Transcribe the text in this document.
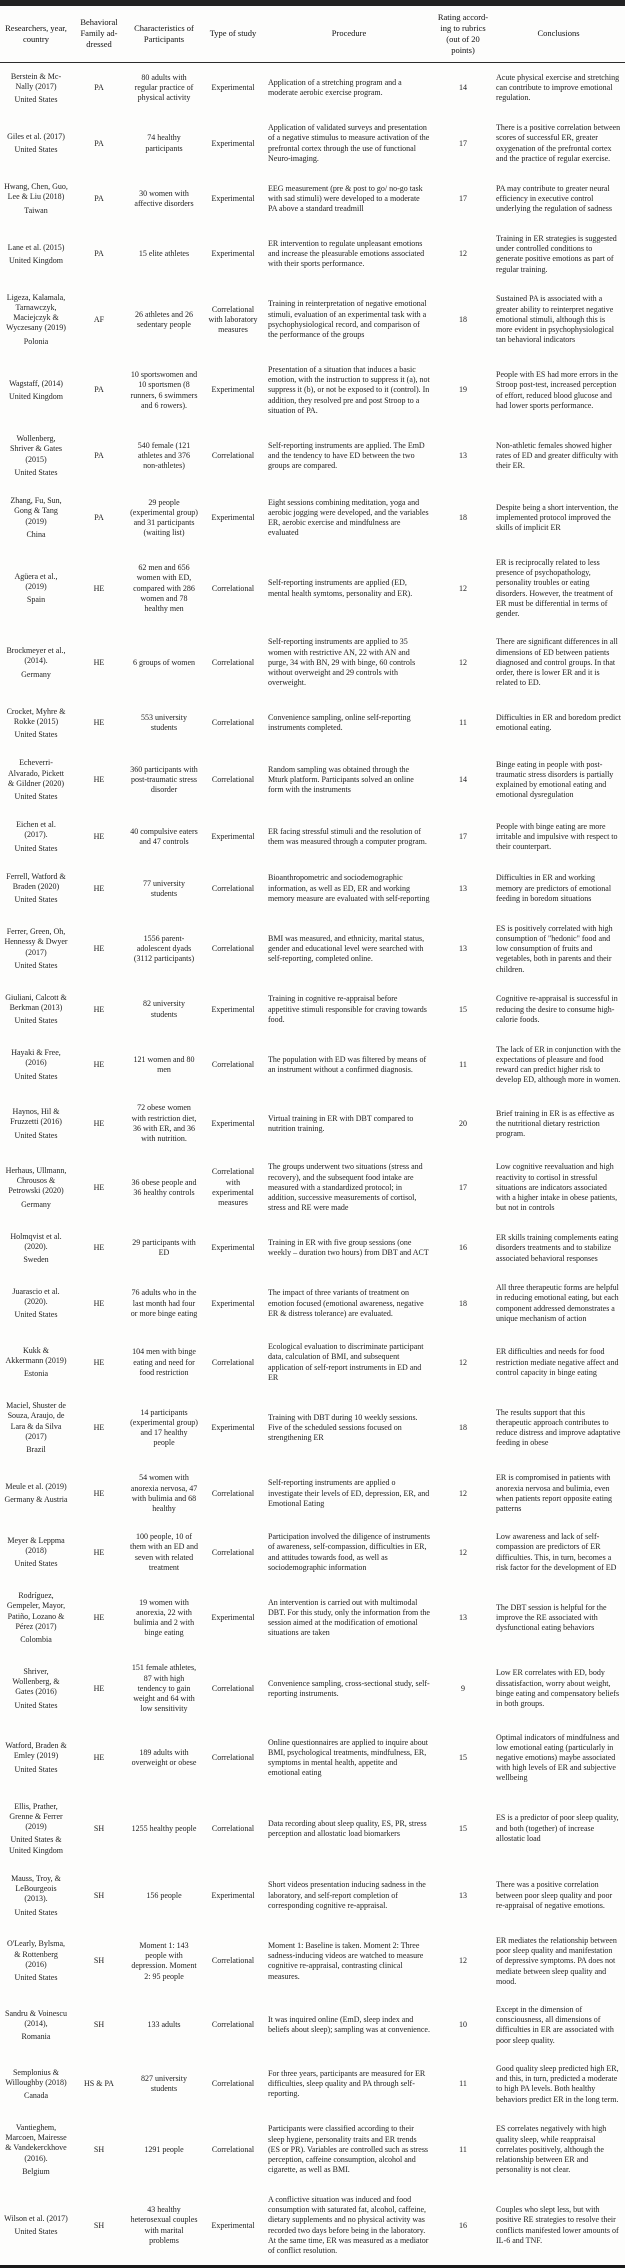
Researchers, year, country	Behavioral Family ad- dressed	Characteristics of Participants	Type of study	Procedure	Rating accord- ing to rubrics (out of 20 points)	Conclusions

Berstein & Mc- Nally (2017)
United States	PA	80 adults with regular practice of physical activity	Experimental	Application of a stretching program and a moderate aerobic exercise program.	14	Acute physical exercise and stretching can contribute to improve emotional regulation.

Giles et al. (2017)
United States	PA	74 healthy participants	Experimental	Application of validated surveys and presentation of a negative stimulus to measure activation of the prefrontal cortex through the use of functional Neuro-imaging.	17	There is a positive correlation between scores of successful ER, greater oxygenation of the prefrontal cortex and the practice of regular exercise.

Hwang, Chen, Guo, Lee & Liu (2018)
Taiwan	PA	30 women with affective disorders	Experimental	EEG measurement (pre & post to go/ no-go task with sad stimuli) were developed to a moderate PA above a standard treadmill	17	PA may contribute to greater neural efficiency in executive control underlying the regulation of sadness

Lane et al. (2015)
United Kingdom	PA	15 elite athletes	Experimental	ER intervention to regulate unpleasant emotions and increase the pleasurable emotions associated with their sports performance.	12	Training in ER strategies is suggested under controlled conditions to generate positive emotions as part of regular training.

Ligeza, Kalamala, Tarnawczyk, Maciejczyk & Wyczesany (2019)
Polonia	AF	26 athletes and 26 sedentary people	Correlational with laboratory measures	Training in reinterpretation of negative emotional stimuli, evaluation of an experimental task with a psychophysiological record, and comparison of the performance of the groups	18	Sustained PA is associated with a greater ability to reinterpret negative emotional stimuli, although this is more evident in psychophysiological tan behavioral indicators

Wagstaff, (2014)
United Kingdom	PA	10 sportswomen and 10 sportsmen (8 runners, 6 swimmers and 6 rowers).	Experimental	Presentation of a situation that induces a basic emotion, with the instruction to suppress it (a), not suppress it (b), or not be exposed to it (control). In addition, they resolved pre and post Stroop to a situation of PA.	19	People with ES had more errors in the Stroop post-test, increased perception of effort, reduced blood glucose and had lower sports performance.

Wollenberg, Shriver & Gates (2015)
United States	PA	540 female (121 athletes and 376 non-athletes)	Correlational	Self-reporting instruments are applied. The EmD and the tendency to have ED between the two groups are compared.	13	Non-athletic females showed higher rates of ED and greater difficulty with their ER.

Zhang, Fu, Sun, Gong & Tang (2019)
China	PA	29 people (experimental group) and 31 participants (waiting list)	Experimental	Eight sessions combining meditation, yoga and aerobic jogging were developed, and the variables ER, aerobic exercise and mindfulness are evaluated	18	Despite being a short intervention, the implemented protocol improved the skills of implicit ER

Agüera et al., (2019)
Spain	HE	62 men and 656 women with ED, compared with 286 women and 78 healthy men	Correlational	Self-reporting instruments are applied (ED, mental health symtoms, personality and ER).	12	ER is reciprocally related to less presence of psychopathology, personality troubles or eating disorders. However, the treatment of ER must be differential in terms of gender.

Brockmeyer et al., (2014).
Germany	HE	6 groups of women	Correlational	Self-reporting instruments are applied to 35 women with restrictive AN, 22 with AN and purge, 34 with BN, 29 with binge, 60 controls without overweight and 29 controls with overweight.	12	There are significant differences in all dimensions of ED between patients diagnosed and control groups. In that order, there is lower ER and it is related to ED.

Crocket, Myhre & Rokke (2015)
United States	HE	553 university students	Correlational	Convenience sampling, online self-reporting instruments completed.	11	Difficulties in ER and boredom predict emotional eating.

Echeverri-Alvarado, Pickett & Gildner (2020)
United States	HE	360 participants with post-traumatic stress disorder	Correlational	Random sampling was obtained through the Mturk platform. Participants solved an online form with the instruments	14	Binge eating in people with post-traumatic stress disorders is partially explained by emotional eating and emotional dysregulation

Eichen et al. (2017).
United States	HE	40 compulsive eaters and 47 controls	Experimental	ER facing stressful stimuli and the resolution of them was measured through a computer program.	17	People with binge eating are more irritable and impulsive with respect to their counterpart.

Ferrell, Watford & Braden (2020)
United States	HE	77 university students	Correlational	Bioanthropometric and sociodemographic information, as well as ED, ER and working memory measure are evaluated with self-reporting	13	Difficulties in ER and working memory are predictors of emotional feeding in boredom situations

Ferrer, Green, Oh, Hennessy & Dwyer (2017)
United States	HE	1556 parent-adolescent dyads (3112 participants)	Correlational	BMI was measured, and ethnicity, marital status, gender and educational level were searched with self-reporting, completed online.	13	ES is positively correlated with high consumption of "hedonic" food and low consumption of fruits and vegetables, both in parents and their children.

Giuliani, Calcott & Berkman (2013)
United States	HE	82 university students	Experimental	Training in cognitive re-appraisal before appetitive stimuli responsible for craving towards food.	15	Cognitive re-appraisal is successful in reducing the desire to consume high-calorie foods.

Hayaki & Free, (2016)
United States	HE	121 women and 80 men	Correlational	The population with ED was filtered by means of an instrument without a confirmed diagnosis.	11	The lack of ER in conjunction with the expectations of pleasure and food reward can predict higher risk to develop ED, although more in women.

Haynos, Hil & Fruzzetti (2016)
United States	HE	72 obese women with restriction diet, 36 with ER, and 36 with nutrition.	Experimental	Virtual training in ER with DBT compared to nutrition training.	20	Brief training in ER is as effective as the nutritional dietary restriction program.

Herhaus, Ullmann, Chrousos & Petrowski (2020)
Germany	HE	36 obese people and 36 healthy controls	Correlational with experimental measures	The groups underwent two situations (stress and recovery), and the subsequent food intake are measured with a standardized protocol; in addition, successive measurements of cortisol, stress and RE were made	17	Low cognitive reevaluation and high reactivity to cortisol in stressful situations are indicators associated with a higher intake in obese patients, but not in controls

Holmqvist et al. (2020).
Sweden	HE	29 participants with ED	Experimental	Training in ER with five group sessions (one weekly – duration two hours) from DBT and ACT	16	ER skills training complements eating disorders treatments and to stabilize associated behavioral responses

Juarascio et al. (2020).
United States	HE	76 adults who in the last month had four or more binge eating	Experimental	The impact of three variants of treatment on emotion focused (emotional awareness, negative ER & distress tolerance) are evaluated.	18	All three therapeutic forms are helpful in reducing emotional eating, but each component addressed demonstrates a unique mechanism of action

Kukk & Akkermann (2019)
Estonia	HE	104 men with binge eating and need for food restriction	Correlational	Ecological evaluation to discriminate participant data, calculation of BMI, and subsequent application of self-report instruments in ED and ER	12	ER difficulties and needs for food restriction mediate negative affect and control capacity in binge eating

Maciel, Shuster de Souza, Araujo, de Lara & da Silva (2017)
Brazil	HE	14 participants (experimental group) and 17 healthy people	Experimental	Training with DBT during 10 weekly sessions. Five of the scheduled sessions focused on strengthening ER	18	The results support that this therapeutic approach contributes to reduce distress and improve adaptative feeding in obese

Meule et al. (2019)
Germany & Austria	HE	54 women with anorexia nervosa, 47 with bulimia and 68 healthy	Correlational	Self-reporting instruments are applied o investigate their levels of ED, depression, ER, and Emotional Eating	12	ER is compromised in patients with anorexia nervosa and bulimia, even when patients report opposite eating patterns

Meyer & Leppma (2018)
United States	HE	100 people, 10 of them with an ED and seven with related treatment	Correlational	Participation involved the diligence of instruments of awareness, self-compassion, difficulties in ER, and attitudes towards food, as well as sociodemographic information	12	Low awareness and lack of self-compassion are predictors of ER difficulties. This, in turn, becomes a risk factor for the development of ED

Rodríguez, Gempeler, Mayor, Patiño, Lozano & Pérez (2017)
Colombia	HE	19 women with anorexia, 22 with bulimia and 2 with binge eating	Experimental	An intervention is carried out with multimodal DBT. For this study, only the information from the session aimed at the modification of emotional situations are taken	13	The DBT session is helpful for the improve the RE associated with dysfunctional eating behaviors

Shriver, Wollenberg, & Gates (2016)
United States	HE	151 female athletes, 87 with high tendency to gain weight and 64 with low sensitivity	Correlational	Convenience sampling, cross-sectional study, self-reporting instruments.	9	Low ER correlates with ED, body dissatisfaction, worry about weight, binge eating and compensatory beliefs in both groups.

Watford, Braden & Emley (2019)
United States	HE	189 adults with overweight or obese	Correlational	Online questionnaires are applied to inquire about BMI, psychological treatments, mindfulness, ER, symptoms in mental health, appetite and emotional eating	15	Optimal indicators of mindfulness and low emotional eating (particularly in negative emotions) maybe associated with high levels of ER and subjective wellbeing

Ellis, Prather, Grenne & Ferrer (2019)
United States & United Kingdom	SH	1255 healthy people	Correlational	Data recording about sleep quality, ES, PR, stress perception and allostatic load biomarkers	15	ES is a predictor of poor sleep quality, and both (together) of increase allostatic load

Mauss, Troy, & LeBourgeois (2013).
United States	SH	156 people	Experimental	Short videos presentation inducing sadness in the laboratory, and self-report completion of corresponding cognitive re-appraisal.	13	There was a positive correlation between poor sleep quality and poor re-appraisal of negative emotions.

O'Learly, Bylsma, & Rottenberg (2016)
United States	SH	Moment 1: 143 people with depression. Moment 2: 95 people	Correlational	Moment 1: Baseline is taken. Moment 2: Three sadness-inducing videos are watched to measure cognitive re-appraisal, contrasting clinical measures.	12	ER mediates the relationship between poor sleep quality and manifestation of depressive symptoms. PA does not mediate between sleep quality and mood.

Sandru & Voinescu (2014),
Romania	SH	133 adults	Correlational	It was inquired online (EmD, sleep index and beliefs about sleep); sampling was at convenience.	10	Except in the dimension of consciousness, all dimensions of difficulties in ER are associated with poor sleep quality.

Semplonius & Willoughby (2018)
Canada	HS & PA	827 university students	Correlational	For three years, participants are measured for ER difficulties, sleep quality and PA through self-reporting.	11	Good quality sleep predicted high ER, and this, in turn, predicted a moderate to high PA levels. Both healthy behaviors predict ER in the long term.

Vantieghem, Marcoen, Mairesse & Vandekerckhove (2016).
Belgium	SH	1291 people	Correlational	Participants were classified according to their sleep hygiene, personality traits and ER trends (ES or PR). Variables are controlled such as stress perception, caffeine consumption, alcohol and cigarette, as well as BMI.	11	ES correlates negatively with high quality sleep, while reappraisal correlates positively, although the relationship between ER and personality is not clear.

Wilson et al. (2017)
United States	SH	43 healthy heterosexual couples with marital problems	Experimental	A conflictive situation was induced and food consumption with saturated fat, alcohol, caffeine, dietary supplements and no physical activity was recorded two days before being in the laboratory. At the same time, ER was measured as a mediator of conflict resolution.	16	Couples who slept less, but with positive RE strategies to resolve their conflicts manifested lower amounts of IL-6 and TNF.
